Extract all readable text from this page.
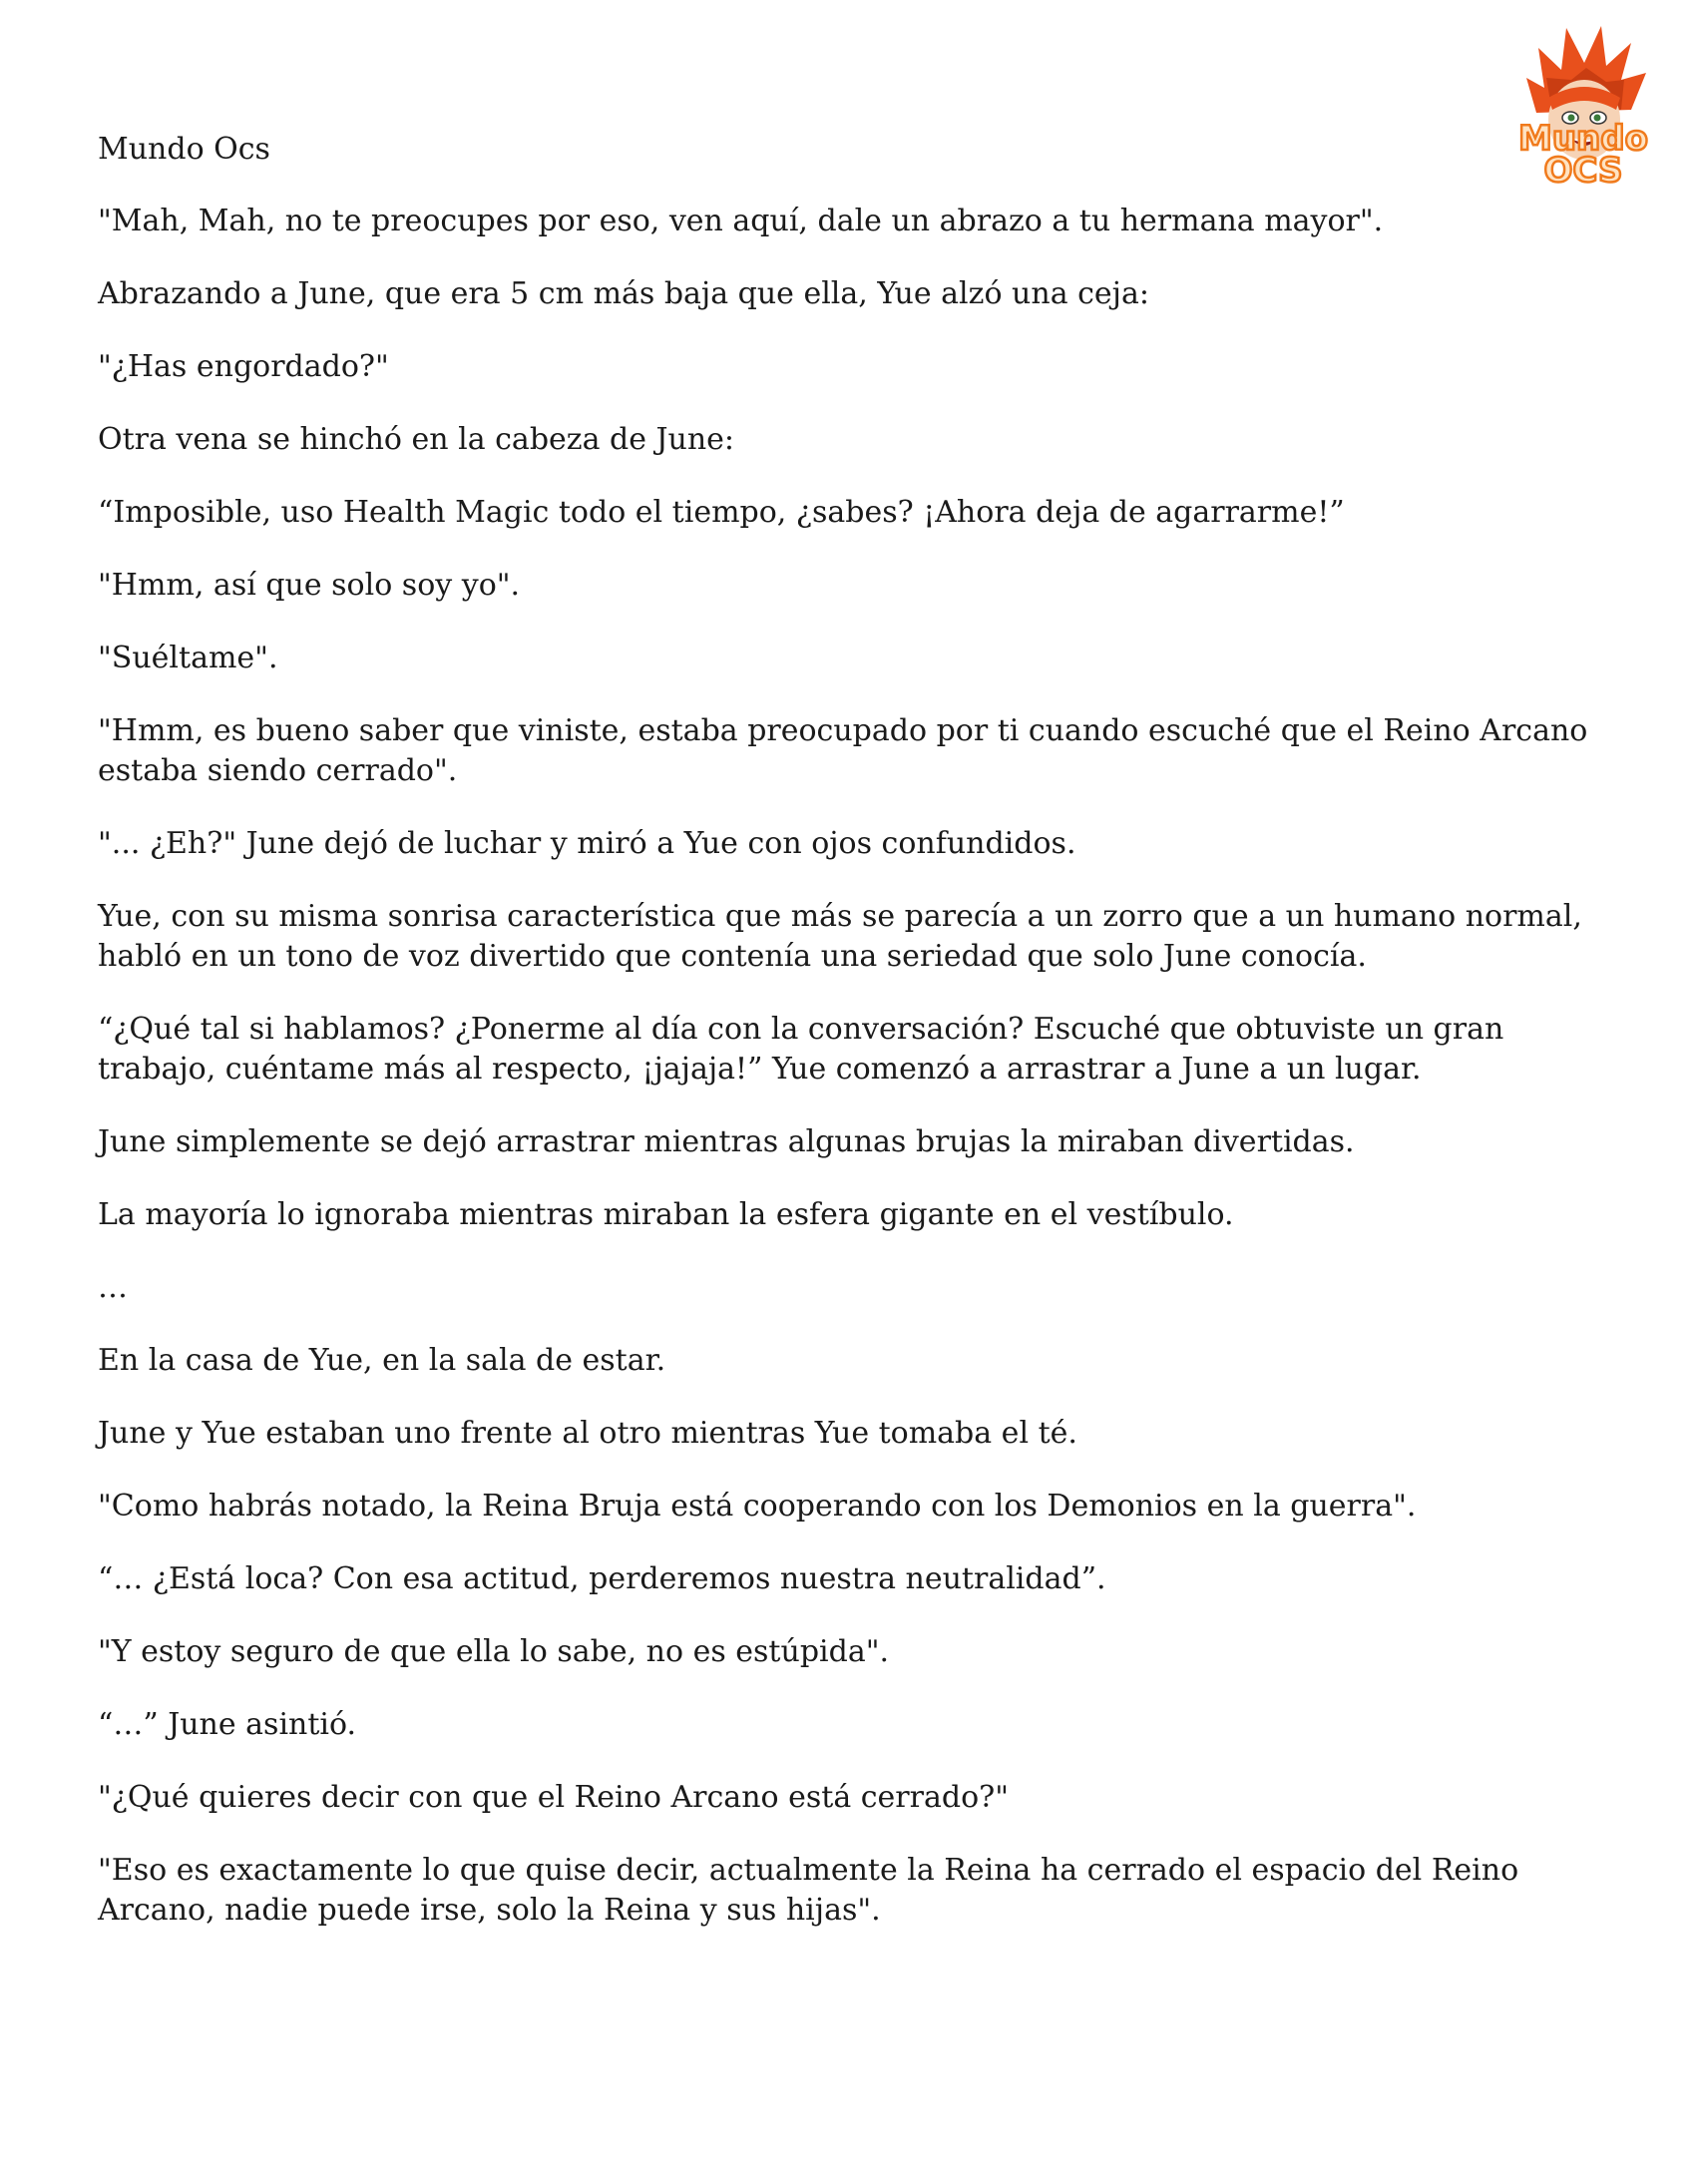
Mundo
OCS

Mundo Ocs

"Mah, Mah, no te preocupes por eso, ven aquí, dale un abrazo a tu hermana mayor".

Abrazando a June, que era 5 cm más baja que ella, Yue alzó una ceja:

"¿Has engordado?"

Otra vena se hinchó en la cabeza de June:

“Imposible, uso Health Magic todo el tiempo, ¿sabes? ¡Ahora deja de agarrarme!”

"Hmm, así que solo soy yo".

"Suéltame".

"Hmm, es bueno saber que viniste, estaba preocupado por ti cuando escuché que el Reino Arcano estaba siendo cerrado".

"... ¿Eh?" June dejó de luchar y miró a Yue con ojos confundidos.

Yue, con su misma sonrisa característica que más se parecía a un zorro que a un humano normal, habló en un tono de voz divertido que contenía una seriedad que solo June conocía.

“¿Qué tal si hablamos? ¿Ponerme al día con la conversación? Escuché que obtuviste un gran trabajo, cuéntame más al respecto, ¡jajaja!” Yue comenzó a arrastrar a June a un lugar.

June simplemente se dejó arrastrar mientras algunas brujas la miraban divertidas.

La mayoría lo ignoraba mientras miraban la esfera gigante en el vestíbulo.

…

En la casa de Yue, en la sala de estar.

June y Yue estaban uno frente al otro mientras Yue tomaba el té.

"Como habrás notado, la Reina Bruja está cooperando con los Demonios en la guerra".

“… ¿Está loca? Con esa actitud, perderemos nuestra neutralidad”.

"Y estoy seguro de que ella lo sabe, no es estúpida".

“…” June asintió.

"¿Qué quieres decir con que el Reino Arcano está cerrado?"

"Eso es exactamente lo que quise decir, actualmente la Reina ha cerrado el espacio del Reino Arcano, nadie puede irse, solo la Reina y sus hijas".
